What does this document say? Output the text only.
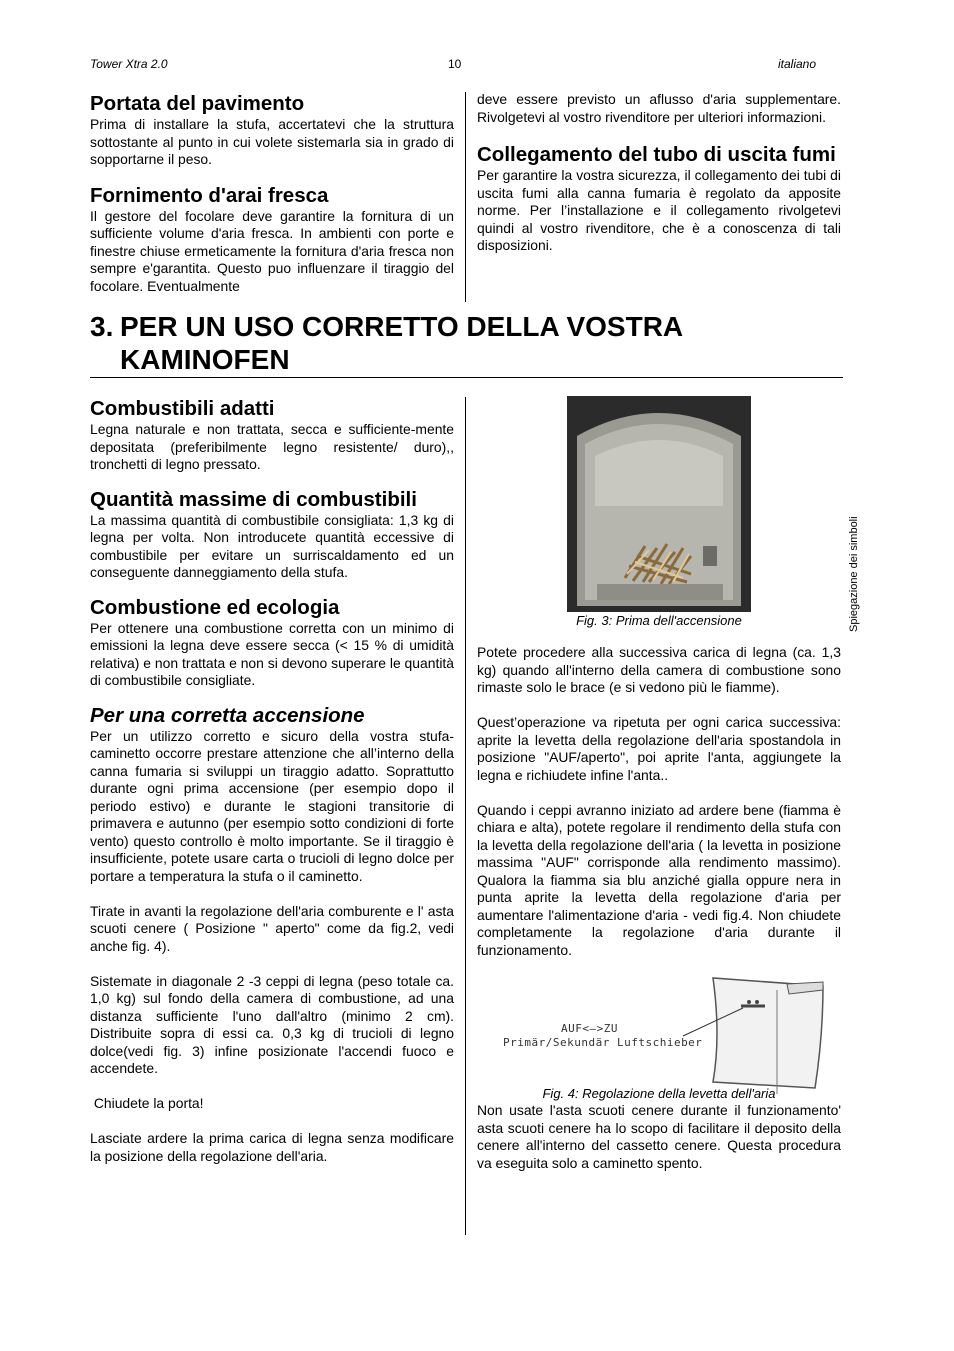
Tower Xtra 2.0	10	italiano
Portata del pavimento

Prima di installare la stufa, accertatevi che la struttura sottostante al punto in cui volete sistemarla sia in grado di sopportarne il peso.

Fornimento d'arai fresca

Il gestore del focolare deve garantire la fornitura di un sufficiente volume d'aria fresca. In ambienti con porte e finestre chiuse ermeticamente la fornitura d'aria fresca non sempre e'garantita. Questo puo influenzare il tiraggio del focolare. Eventualmente

deve essere previsto un aflusso d'aria supplementare. Rivolgetevi al vostro rivenditore per ulteriori informazioni.

Collegamento del tubo di uscita fumi

Per garantire la vostra sicurezza, il collegamento dei tubi di uscita fumi alla canna fumaria è regolato da apposite norme. Per l’installazione e il collegamento rivolgetevi quindi al vostro rivenditore, che è a conoscenza di tali disposizioni.

3. PER UN USO CORRETTO DELLA VOSTRA
KAMINOFEN
Combustibili adatti

Legna naturale e non trattata, secca e sufficiente-mente depositata (preferibilmente legno resistente/ duro),, tronchetti di legno pressato.

Quantità massime di combustibili

La massima quantità di combustibile consigliata: 1,3 kg di legna per volta. Non introducete quantità eccessive di combustibile per evitare un surriscaldamento ed un conseguente danneggiamento della stufa.

Combustione ed ecologia

Per ottenere una combustione corretta con un minimo di emissioni la legna deve essere secca (< 15 % di umidità relativa) e non trattata e non si devono superare le quantità di combustibile consigliate.

Per una corretta accensione

Per un utilizzo corretto e sicuro della vostra stufa-caminetto occorre prestare attenzione che all’interno della canna fumaria si sviluppi un tiraggio adatto. Soprattutto durante ogni prima accensione (per esempio dopo il periodo estivo) e durante le stagioni transitorie di primavera e autunno (per esempio sotto condizioni di forte vento) questo controllo è molto importante. Se il tiraggio è insufficiente, potete usare carta o trucioli di legno dolce per portare a temperatura la stufa o il caminetto.

Tirate in avanti la regolazione dell'aria comburente e l' asta scuoti cenere ( Posizione " aperto" come da fig.2, vedi anche fig. 4).

Sistemate in diagonale 2 -3 ceppi di legna (peso totale ca. 1,0 kg) sul fondo della camera di combustione, ad una distanza sufficiente l'uno dall'altro (minimo 2 cm). Distribuite sopra di essi ca. 0,3 kg di trucioli di legno dolce(vedi fig. 3) infine posizionate l'accendi fuoco e accendete.

Chiudete la porta!

Lasciate ardere la prima carica di legna senza modificare la posizione della regolazione dell'aria.

Fig. 3: Prima dell'accensione

Potete procedere alla successiva carica di legna (ca. 1,3 kg) quando all'interno della camera di combustione sono rimaste solo le brace (e si vedono più le fiamme).

Quest’operazione va ripetuta per ogni carica successiva: aprite la levetta della regolazione dell'aria spostandola in posizione "AUF/aperto", poi aprite l'anta, aggiungete la legna e richiudete infine l'anta..

Quando i ceppi avranno iniziato ad ardere bene (fiamma è chiara e alta), potete regolare il rendimento della stufa con la levetta della regolazione dell'aria ( la levetta in posizione massima "AUF" corrisponde alla rendimento massimo). Qualora la fiamma sia blu anziché gialla oppure nera in punta aprite la levetta della regolazione d'aria per aumentare l'alimentazione d'aria - vedi fig.4. Non chiudete completamente la regolazione d'aria durante il funzionamento.

AUF<—>ZU
Primär/Sekundär Luftschieber
Fig. 4: Regolazione della levetta dell'aria

Non usate l'asta scuoti cenere durante il funzionamento' asta scuoti cenere ha lo scopo di facilitare il deposito della cenere all'interno del cassetto cenere. Questa procedura va eseguita solo a caminetto spento.

Spiegazione dei simboli
